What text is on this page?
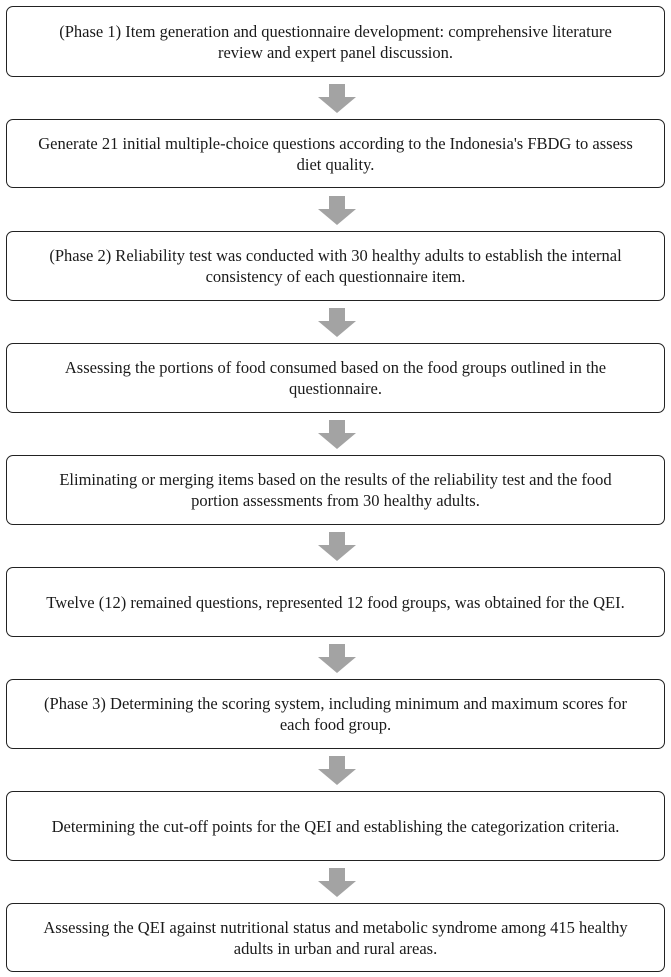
(Phase 1) Item generation and questionnaire development: comprehensive literature review and expert panel discussion.
Generate 21 initial multiple-choice questions according to the Indonesia's FBDG to assess diet quality.
(Phase 2) Reliability test was conducted with 30 healthy adults to establish the internal consistency of each questionnaire item.
Assessing the portions of food consumed based on the food groups outlined in the questionnaire.
Eliminating or merging items based on the results of the reliability test and the food portion assessments from 30 healthy adults.
Twelve (12) remained questions, represented 12 food groups, was obtained for the QEI.
(Phase 3) Determining the scoring system, including minimum and maximum scores for each food group.
Determining the cut-off points for the QEI and establishing the categorization criteria.
Assessing the QEI against nutritional status and metabolic syndrome among 415 healthy adults in urban and rural areas.
